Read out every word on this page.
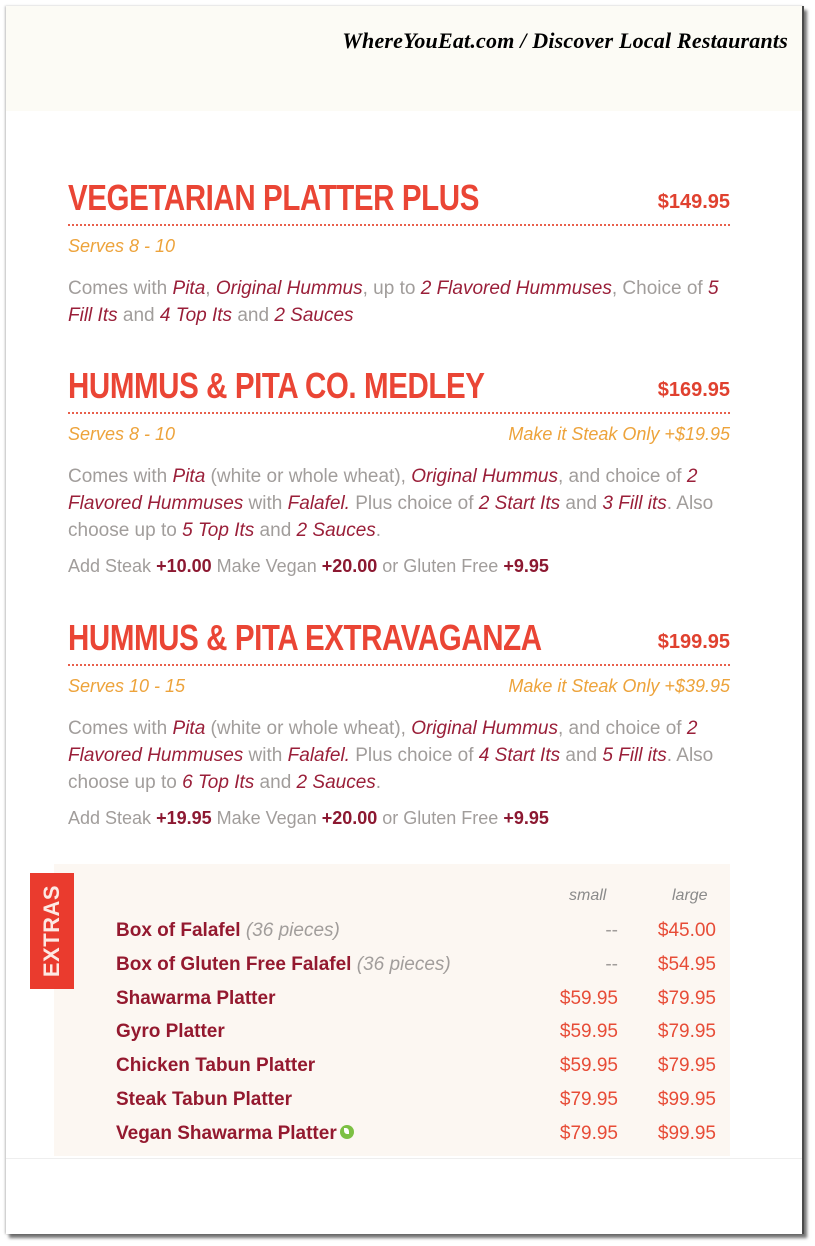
WhereYouEat.com / Discover Local Restaurants
VEGETARIAN PLATTER PLUS	$149.95
Serves 8 - 10
Comes with Pita, Original Hummus, up to 2 Flavored Hummuses, Choice of 5 Fill Its and 4 Top Its and 2 Sauces
HUMMUS & PITA CO. MEDLEY	$169.95
Serves 8 - 10	Make it Steak Only +$19.95
Comes with Pita (white or whole wheat), Original Hummus, and choice of 2 Flavored Hummuses with Falafel. Plus choice of 2 Start Its and 3 Fill its. Also choose up to 5 Top Its and 2 Sauces.
Add Steak +10.00 Make Vegan +20.00 or Gluten Free +9.95
HUMMUS & PITA EXTRAVAGANZA	$199.95
Serves 10 - 15	Make it Steak Only +$39.95
Comes with Pita (white or whole wheat), Original Hummus, and choice of 2 Flavored Hummuses with Falafel. Plus choice of 4 Start Its and 5 Fill its. Also choose up to 6 Top Its and 2 Sauces.
Add Steak +19.95 Make Vegan +20.00 or Gluten Free +9.95
EXTRAS	small	large
Box of Falafel (36 pieces)	-- $45.00
Box of Gluten Free Falafel (36 pieces)	-- $54.95
Shawarma Platter	$59.95 $79.95
Gyro Platter	$59.95 $79.95
Chicken Tabun Platter	$59.95 $79.95
Steak Tabun Platter	$79.95 $99.95
Vegan Shawarma Platter	$79.95 $99.95
